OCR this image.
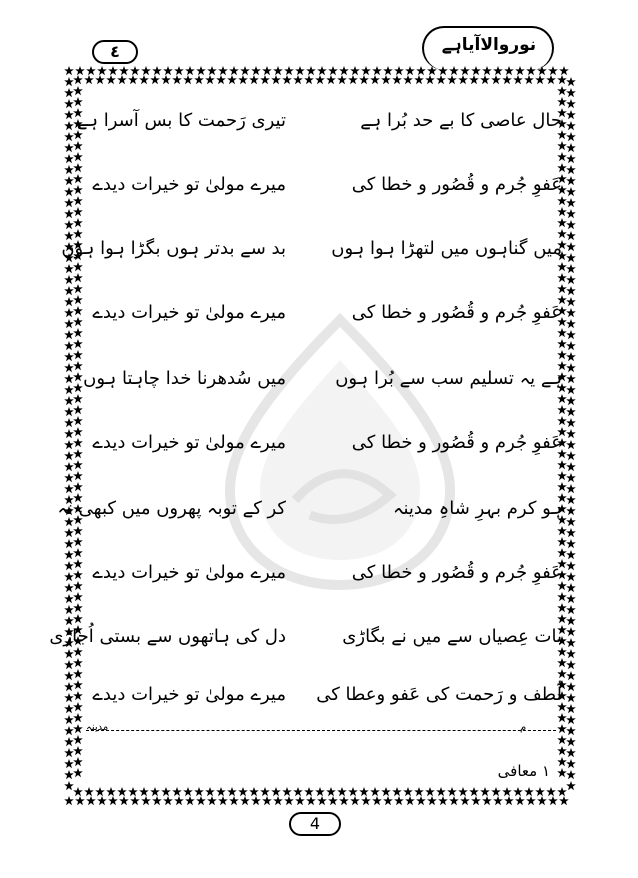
نوروالاآیاہے
٤
حال عاصی کا بے حد بُرا ہے
تیری رَحمت کا بس آسرا ہے
عَفوِ جُرم و قُصُور و خطا کی
میرے مولیٰ تو خیرات دیدے
میں گناہوں میں لتھڑا ہوا ہوں
بد سے بدتر ہوں بگڑا ہوا ہوں
عَفوِ جُرم و قُصُور و خطا کی
میرے مولیٰ تو خیرات دیدے
ہے یہ تسلیم سب سے بُرا ہوں
میں سُدھرنا خدا چاہتا ہوں
عَفوِ جُرم و قُصُور و خطا کی
میرے مولیٰ تو خیرات دیدے
ہو کرم بہرِ شاہِ مدینہ
کر کے توبہ پھروں میں کبھی نہ
عَفوِ جُرم و قُصُور و خطا کی
میرے مولیٰ تو خیرات دیدے
بات عِصیاں سے میں نے بگاڑی
دل کی ہاتھوں سے بستی اُجاڑی
لُطف و رَحمت کی عَفو وعطا کی
میرے مولیٰ تو خیرات دیدے
م
مدینہ
۱ معافی
4
